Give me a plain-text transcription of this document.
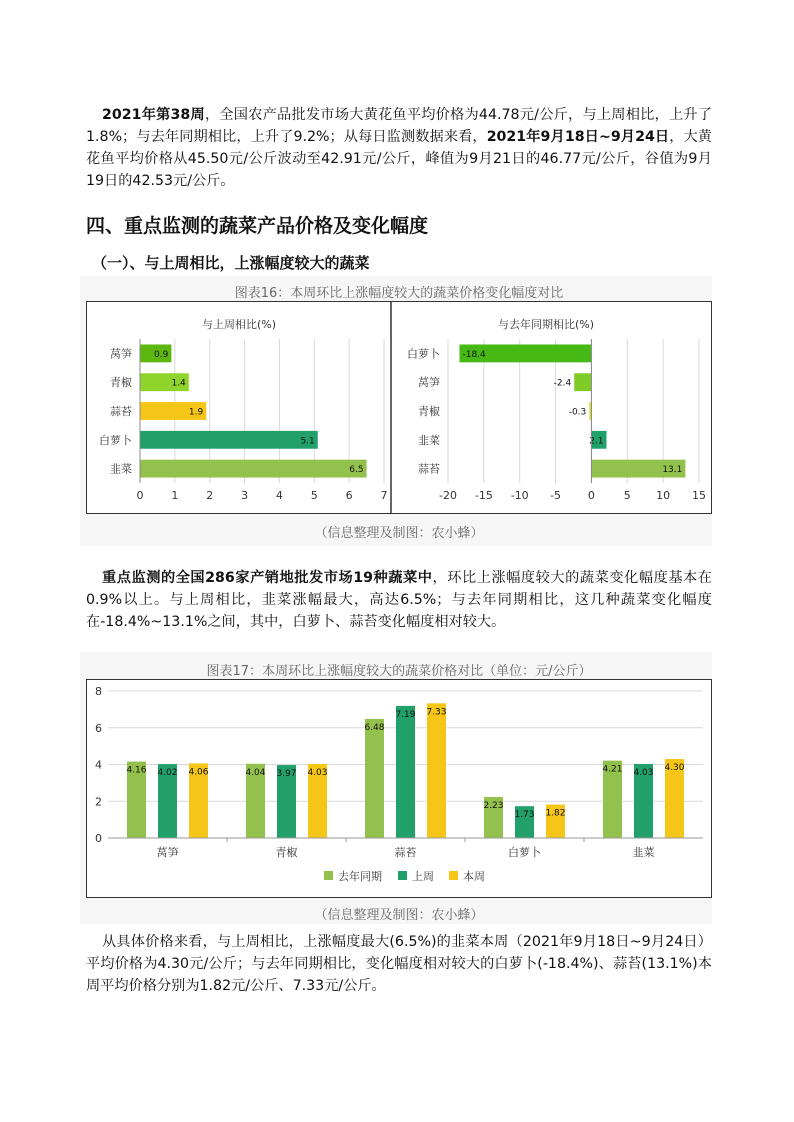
2021年第38周，全国农产品批发市场大黄花鱼平均价格为44.78元/公斤，与上周相比，上升了1.8%；与去年同期相比，上升了9.2%；从每日监测数据来看，2021年9月18日~9月24日，大黄花鱼平均价格从45.50元/公斤波动至42.91元/公斤，峰值为9月21日的46.77元/公斤，谷值为9月19日的42.53元/公斤。

四、重点监测的蔬菜产品价格及变化幅度
（一）、与上周相比，上涨幅度较大的蔬菜
图表16：本周环比上涨幅度较大的蔬菜价格变化幅度对比
与上周相比(%)	与去年同期相比(%)
0	1	2	3	4	5	6	7
莴笋 0.9
青椒	1.4
蒜苔	1.9
白萝卜	5.1
韭菜	6.5
-20 -15 -10 -5 0	5 10 15
白萝卜 -18.4
莴笋	-2.4
青椒	-0.3
韭菜	2.1
蒜苔	13.1
（信息整理及制图：农小蜂）

重点监测的全国286家产销地批发市场19种蔬菜中，环比上涨幅度较大的蔬菜变化幅度基本在0.9%以上。与上周相比，韭菜涨幅最大，高达6.5%；与去年同期相比，这几种蔬菜变化幅度在-18.4%~13.1%之间，其中，白萝卜、蒜苔变化幅度相对较大。

图表17：本周环比上涨幅度较大的蔬菜价格对比（单位：元/公斤）
0
2
4
6
8
莴笋
4.16 4.02 4.06
青椒
4.04 3.97 4.03
蒜苔
6.48
7.19 7.33
白萝卜
2.23
1.73 1.82
韭菜
4.21 4.03 4.30
去年同期	上周	本周
（信息整理及制图：农小蜂）

从具体价格来看，与上周相比，上涨幅度最大(6.5%)的韭菜本周（2021年9月18日~9月24日）平均价格为4.30元/公斤；与去年同期相比，变化幅度相对较大的白萝卜(-18.4%)、蒜苔(13.1%)本周平均价格分别为1.82元/公斤、7.33元/公斤。
